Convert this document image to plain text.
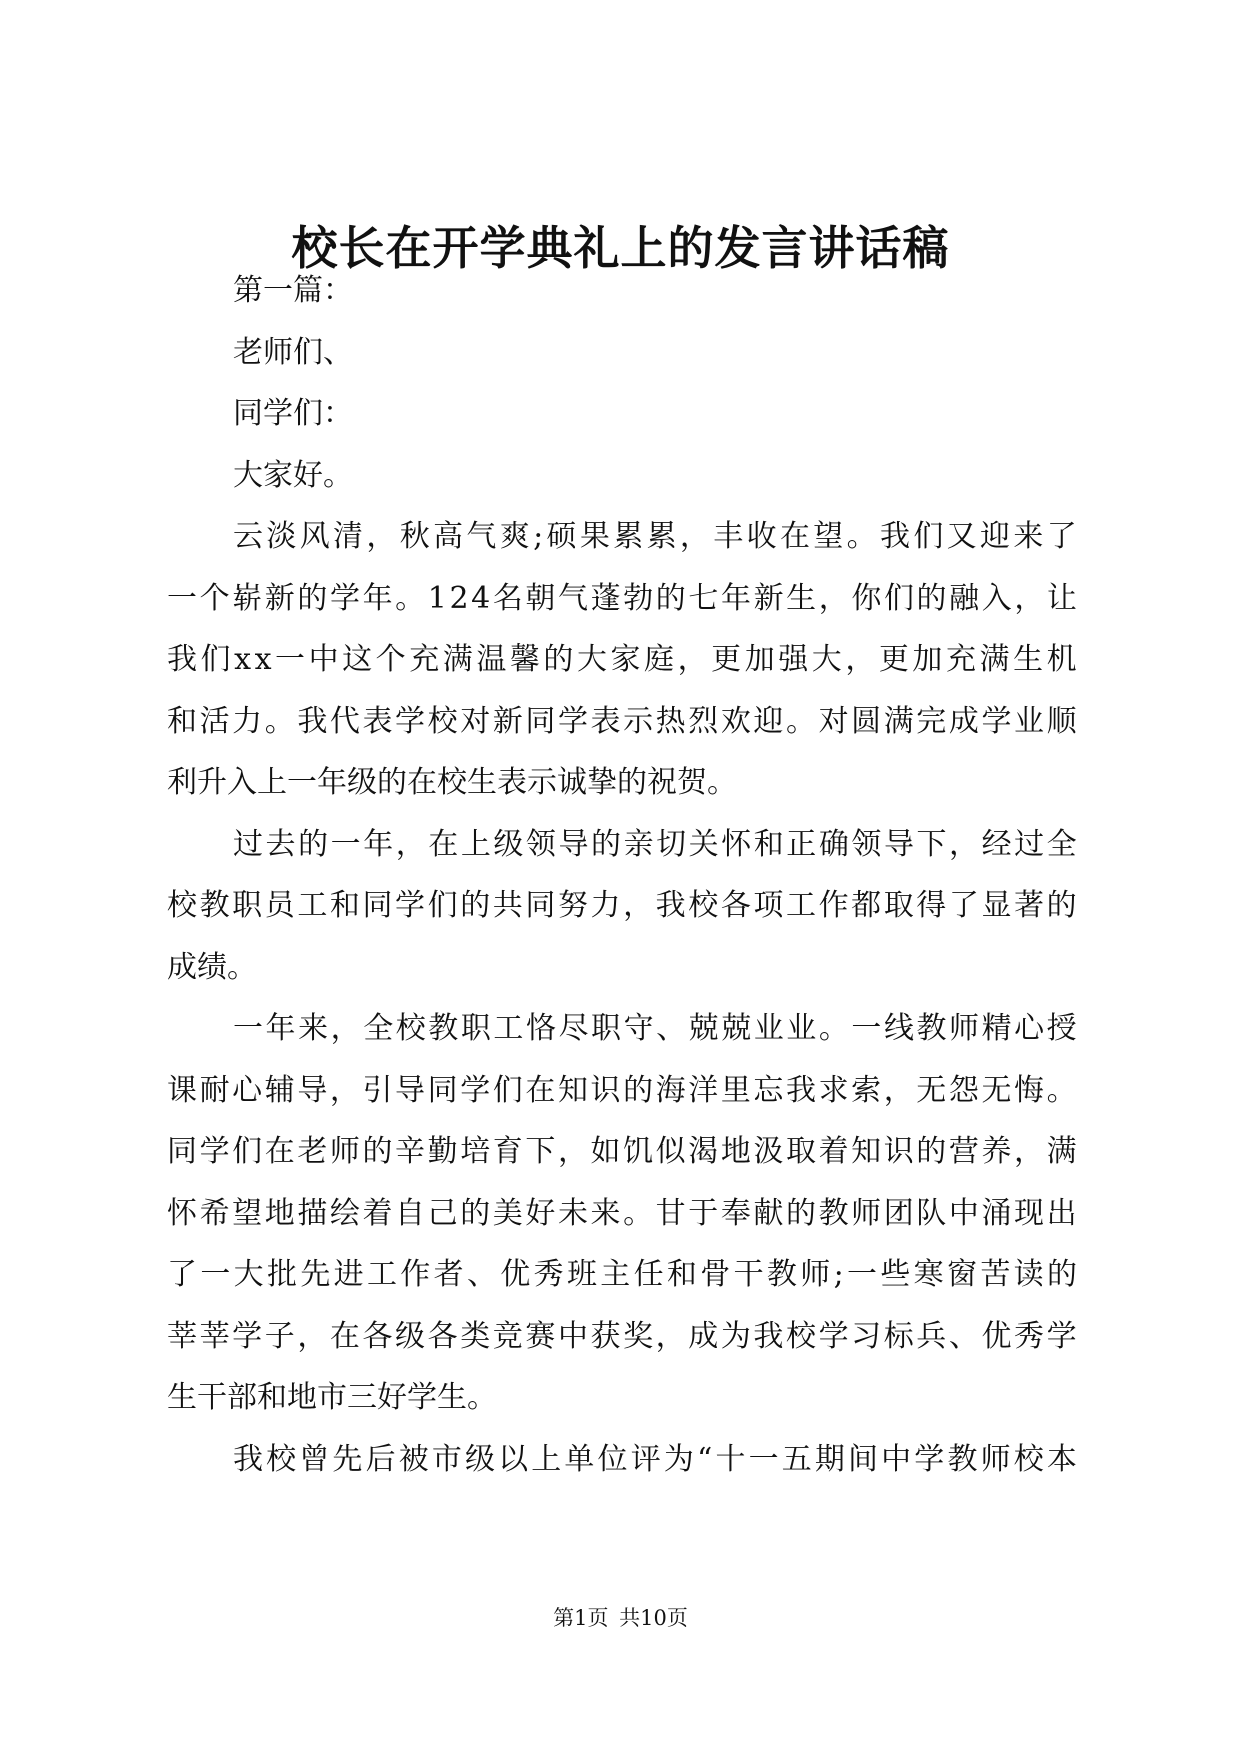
校长在开学典礼上的发言讲话稿
第一篇：
老师们、
同学们：
大家好。
云 淡 风 清 ， 秋 高 气 爽 ; 硕 果 累 累 ， 丰 收 在 望 。 我 们 又 迎 来 了
一 个 崭 新 的 学 年 。 1 2 4 名 朝 气 蓬 勃 的 七 年 新 生 ， 你 们 的 融 入 ， 让
我 们 x x 一 中 这 个 充 满 温 馨 的 大 家 庭 ， 更 加 强 大 ， 更 加 充 满 生 机
和 活 力 。 我 代 表 学 校 对 新 同 学 表 示 热 烈 欢 迎 。 对 圆 满 完 成 学 业 顺
利升入上一年级的在校生表示诚挚的祝贺。
过 去 的 一 年 ， 在 上 级 领 导 的 亲 切 关 怀 和 正 确 领 导 下 ， 经 过 全
校 教 职 员 工 和 同 学 们 的 共 同 努 力 ， 我 校 各 项 工 作 都 取 得 了 显 著 的
成绩。
一 年 来 ， 全 校 教 职 工 恪 尽 职 守 、 兢 兢 业 业 。 一 线 教 师 精 心 授
课 耐 心 辅 导 ， 引 导 同 学 们 在 知 识 的 海 洋 里 忘 我 求 索 ， 无 怨 无 悔 。
同 学 们 在 老 师 的 辛 勤 培 育 下 ， 如 饥 似 渴 地 汲 取 着 知 识 的 营 养 ， 满
怀 希 望 地 描 绘 着 自 己 的 美 好 未 来 。 甘 于 奉 献 的 教 师 团 队 中 涌 现 出
了 一 大 批 先 进 工 作 者 、 优 秀 班 主 任 和 骨 干 教 师 ; 一 些 寒 窗 苦 读 的
莘 莘 学 子 ， 在 各 级 各 类 竞 赛 中 获 奖 ， 成 为 我 校 学 习 标 兵 、 优 秀 学
生干部和地市三好学生。
我 校 曾 先 后 被 市 级 以 上 单 位 评 为 “ 十 一 五 期 间 中 学 教 师 校 本
第1页 共10页
